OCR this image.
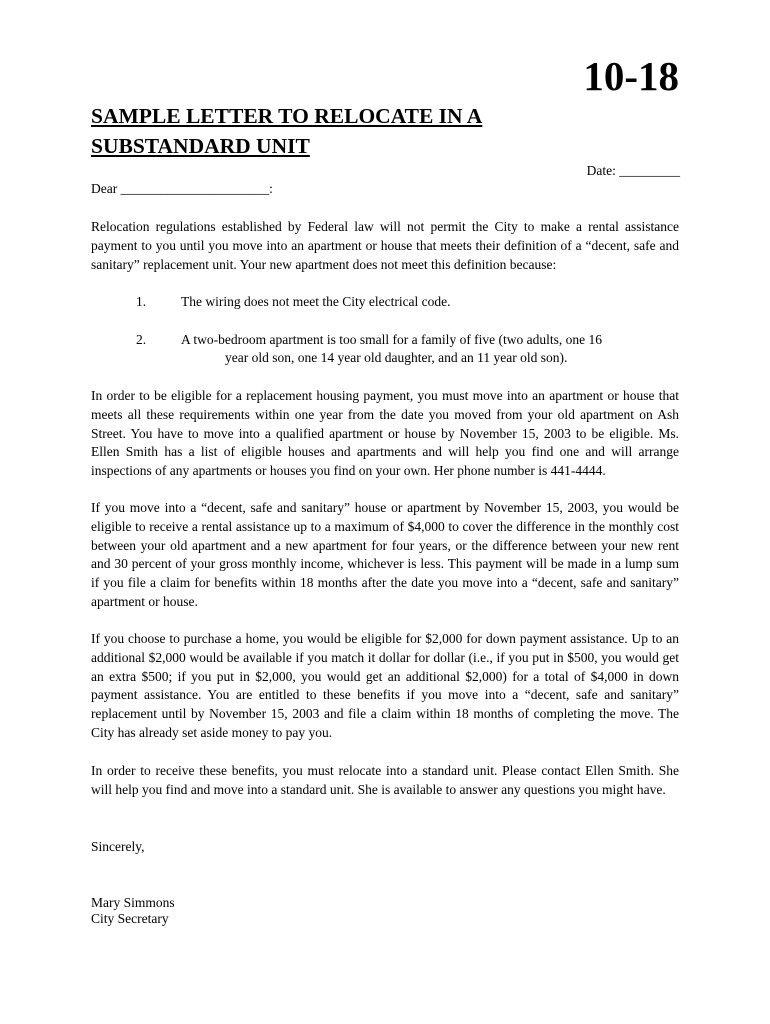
10-18
SAMPLE LETTER TO RELOCATE IN A
SUBSTANDARD UNIT
Date: _________
Dear ______________________:

Relocation regulations established by Federal law will not permit the City to make a rental assistance payment to you until you move into an apartment or house that meets their definition of a “decent, safe and sanitary” replacement unit. Your new apartment does not meet this definition because:

1.	The wiring does not meet the City electrical code.
2.	A two-bedroom apartment is too small for a family of five (two adults, one 16
year old son, one 14 year old daughter, and an 11 year old son).

In order to be eligible for a replacement housing payment, you must move into an apartment or house that meets all these requirements within one year from the date you moved from your old apartment on Ash Street. You have to move into a qualified apartment or house by November 15, 2003 to be eligible. Ms. Ellen Smith has a list of eligible houses and apartments and will help you find one and will arrange inspections of any apartments or houses you find on your own. Her phone number is 441-4444.

If you move into a “decent, safe and sanitary” house or apartment by November 15, 2003, you would be eligible to receive a rental assistance up to a maximum of $4,000 to cover the difference in the monthly cost between your old apartment and a new apartment for four years, or the difference between your new rent and 30 percent of your gross monthly income, whichever is less. This payment will be made in a lump sum if you file a claim for benefits within 18 months after the date you move into a “decent, safe and sanitary” apartment or house.

If you choose to purchase a home, you would be eligible for $2,000 for down payment assistance. Up to an additional $2,000 would be available if you match it dollar for dollar (i.e., if you put in $500, you would get an extra $500; if you put in $2,000, you would get an additional $2,000) for a total of $4,000 in down payment assistance. You are entitled to these benefits if you move into a “decent, safe and sanitary” replacement until by November 15, 2003 and file a claim within 18 months of completing the move. The City has already set aside money to pay you.

In order to receive these benefits, you must relocate into a standard unit. Please contact Ellen Smith. She will help you find and move into a standard unit. She is available to answer any questions you might have.

Sincerely,
Mary Simmons
City Secretary
